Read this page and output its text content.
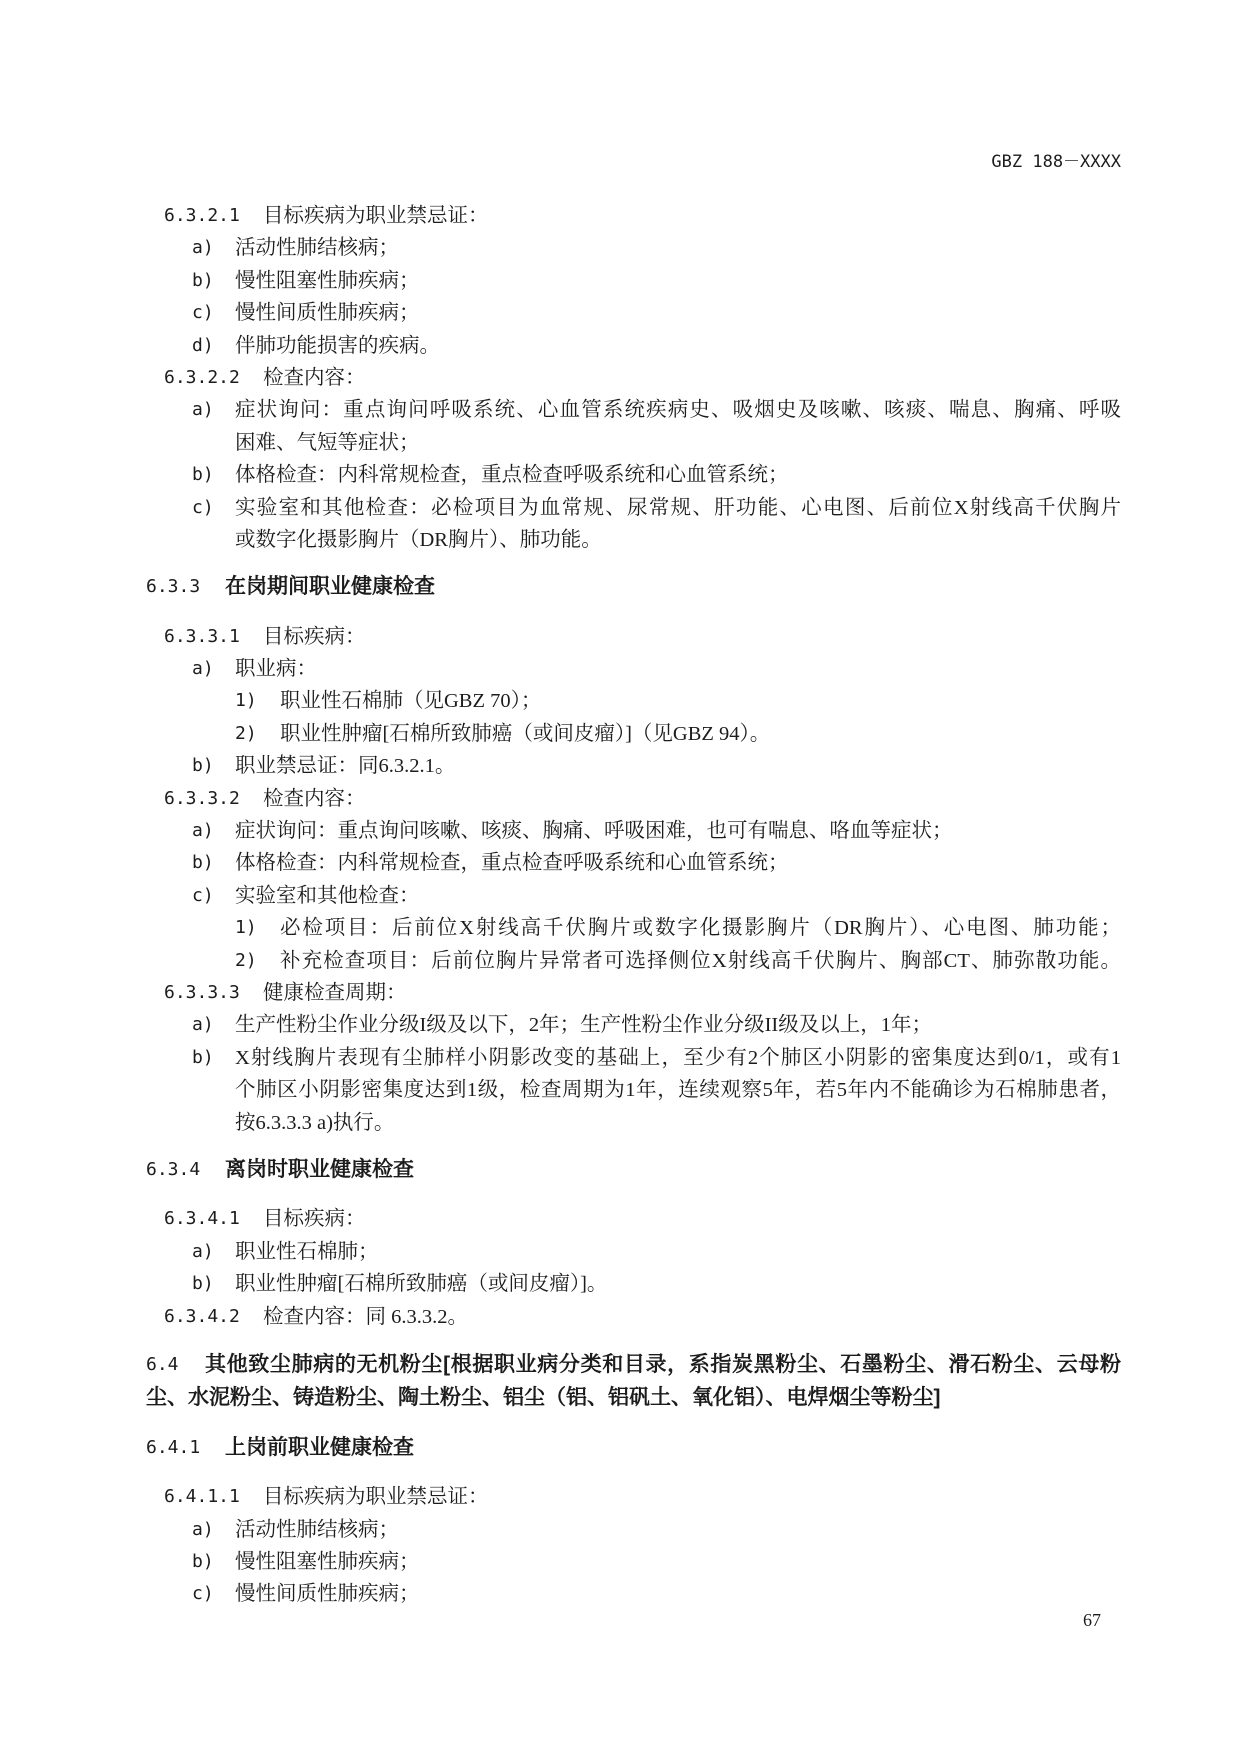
GBZ 188－XXXX
6.3.2.1 目标疾病为职业禁忌证：
a) 活动性肺结核病；
b) 慢性阻塞性肺疾病；
c) 慢性间质性肺疾病；
d) 伴肺功能损害的疾病。
6.3.2.2 检查内容：
a) 症状询问：重点询问呼吸系统、心血管系统疾病史、吸烟史及咳嗽、咳痰、喘息、胸痛、呼吸
困难、气短等症状；
b) 体格检查：内科常规检查，重点检查呼吸系统和心血管系统；
c) 实验室和其他检查：必检项目为血常规、尿常规、肝功能、心电图、后前位X射线高千伏胸片
或数字化摄影胸片（DR胸片）、肺功能。
6.3.3 在岗期间职业健康检查
6.3.3.1 目标疾病：
a) 职业病：
1) 职业性石棉肺（见GBZ 70）；
2) 职业性肿瘤[石棉所致肺癌（或间皮瘤）]（见GBZ 94）。
b) 职业禁忌证：同6.3.2.1。
6.3.3.2 检查内容：
a) 症状询问：重点询问咳嗽、咳痰、胸痛、呼吸困难，也可有喘息、咯血等症状；
b) 体格检查：内科常规检查，重点检查呼吸系统和心血管系统；
c) 实验室和其他检查：
1) 必检项目：后前位X射线高千伏胸片或数字化摄影胸片（DR胸片）、心电图、肺功能；
2) 补充检查项目：后前位胸片异常者可选择侧位X射线高千伏胸片、胸部CT、肺弥散功能。
6.3.3.3 健康检查周期：
a) 生产性粉尘作业分级I级及以下，2年；生产性粉尘作业分级II级及以上，1年；
b) X射线胸片表现有尘肺样小阴影改变的基础上，至少有2个肺区小阴影的密集度达到0/1，或有1
个肺区小阴影密集度达到1级，检查周期为1年，连续观察5年，若5年内不能确诊为石棉肺患者，
按6.3.3.3 a)执行。
6.3.4 离岗时职业健康检查
6.3.4.1 目标疾病：
a) 职业性石棉肺；
b) 职业性肿瘤[石棉所致肺癌（或间皮瘤）]。
6.3.4.2 检查内容：同 6.3.3.2。
6.4 其他致尘肺病的无机粉尘[根据职业病分类和目录，系指炭黑粉尘、石墨粉尘、滑石粉尘、云母粉
尘、水泥粉尘、铸造粉尘、陶土粉尘、铝尘（铝、铝矾土、氧化铝）、电焊烟尘等粉尘]
6.4.1 上岗前职业健康检查
6.4.1.1 目标疾病为职业禁忌证：
a) 活动性肺结核病；
b) 慢性阻塞性肺疾病；
c) 慢性间质性肺疾病；
67
